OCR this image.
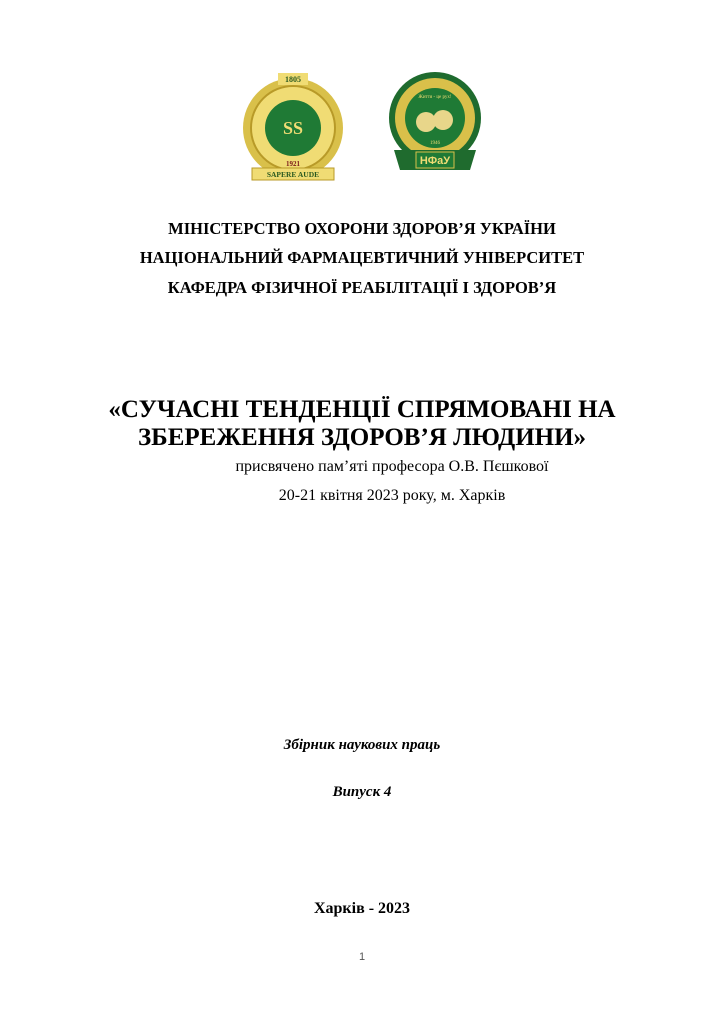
SS
1805
1921
SAPERE AUDE
Життя - це рух!
1946
НФаУ
МІНІСТЕРСТВО ОХОРОНИ ЗДОРОВ’Я УКРАЇНИ
НАЦІОНАЛЬНИЙ ФАРМАЦЕВТИЧНИЙ УНІВЕРСИТЕТ
КАФЕДРА ФІЗИЧНОЇ РЕАБІЛІТАЦІЇ І ЗДОРОВ’Я
«СУЧАСНІ ТЕНДЕНЦІЇ СПРЯМОВАНІ НА
ЗБЕРЕЖЕННЯ ЗДОРОВ’Я ЛЮДИНИ»
присвячено пам’яті професора О.В. Пєшкової
20-21 квітня 2023 року, м. Харків
Збірник наукових праць
Випуск 4
Харків - 2023
1
